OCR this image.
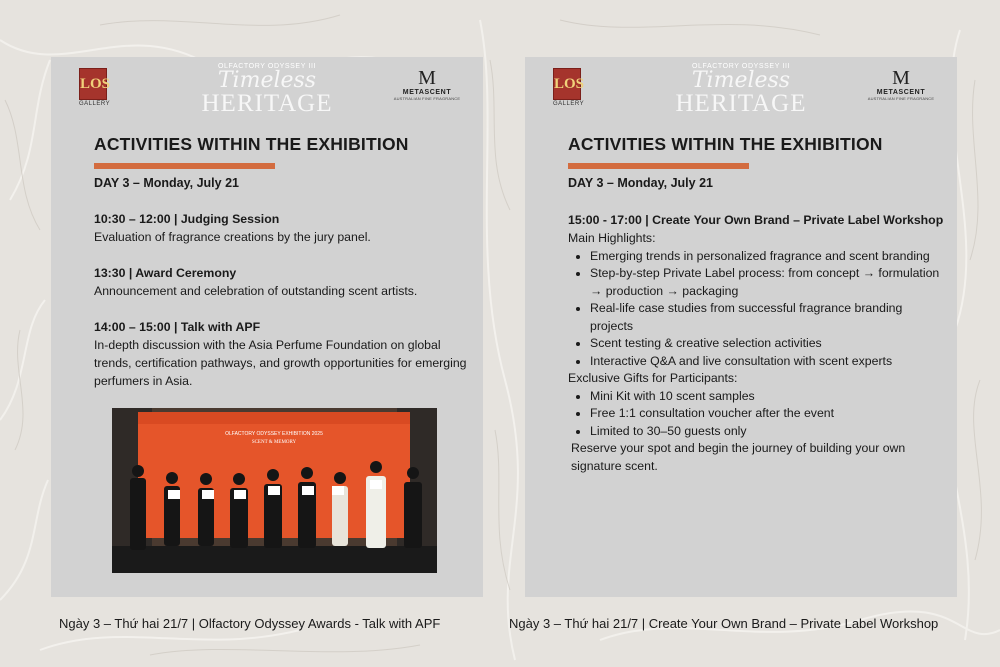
LOS
GALLERY
OLFACTORY ODYSSEY III
Timeless
HERITAGE
M
METASCENT
AUSTRALIAN FINE FRAGRANCE
ACTIVITIES WITHIN THE EXHIBITION
DAY 3 – Monday, July 21
10:30 – 12:00 | Judging Session
Evaluation of fragrance creations by the jury panel.
13:30 | Award Ceremony
Announcement and celebration of outstanding scent artists.
14:00 – 15:00 | Talk with APF
In-depth discussion with the Asia Perfume Foundation on global trends, certification pathways, and growth opportunities for emerging perfumers in Asia.
OLFACTORY ODYSSEY EXHIBITION 2025
SCENT & MEMORY
LOS
GALLERY
OLFACTORY ODYSSEY III
Timeless
HERITAGE
M
METASCENT
AUSTRALIAN FINE FRAGRANCE
ACTIVITIES WITHIN THE EXHIBITION
DAY 3 – Monday, July 21
15:00 - 17:00 | Create Your Own Brand – Private Label Workshop
Main Highlights:
• Emerging trends in personalized fragrance and scent branding
• Step-by-step Private Label process: from concept → formulation → production → packaging
• Real-life case studies from successful fragrance branding projects
• Scent testing & creative selection activities
• Interactive Q&A and live consultation with scent experts
Exclusive Gifts for Participants:
• Mini Kit with 10 scent samples
• Free 1:1 consultation voucher after the event
• Limited to 30–50 guests only
Reserve your spot and begin the journey of building your own signature scent.
Ngày 3 – Thứ hai 21/7 | Olfactory Odyssey Awards - Talk with APF	Ngày 3 – Thứ hai 21/7 | Create Your Own Brand – Private Label Workshop
